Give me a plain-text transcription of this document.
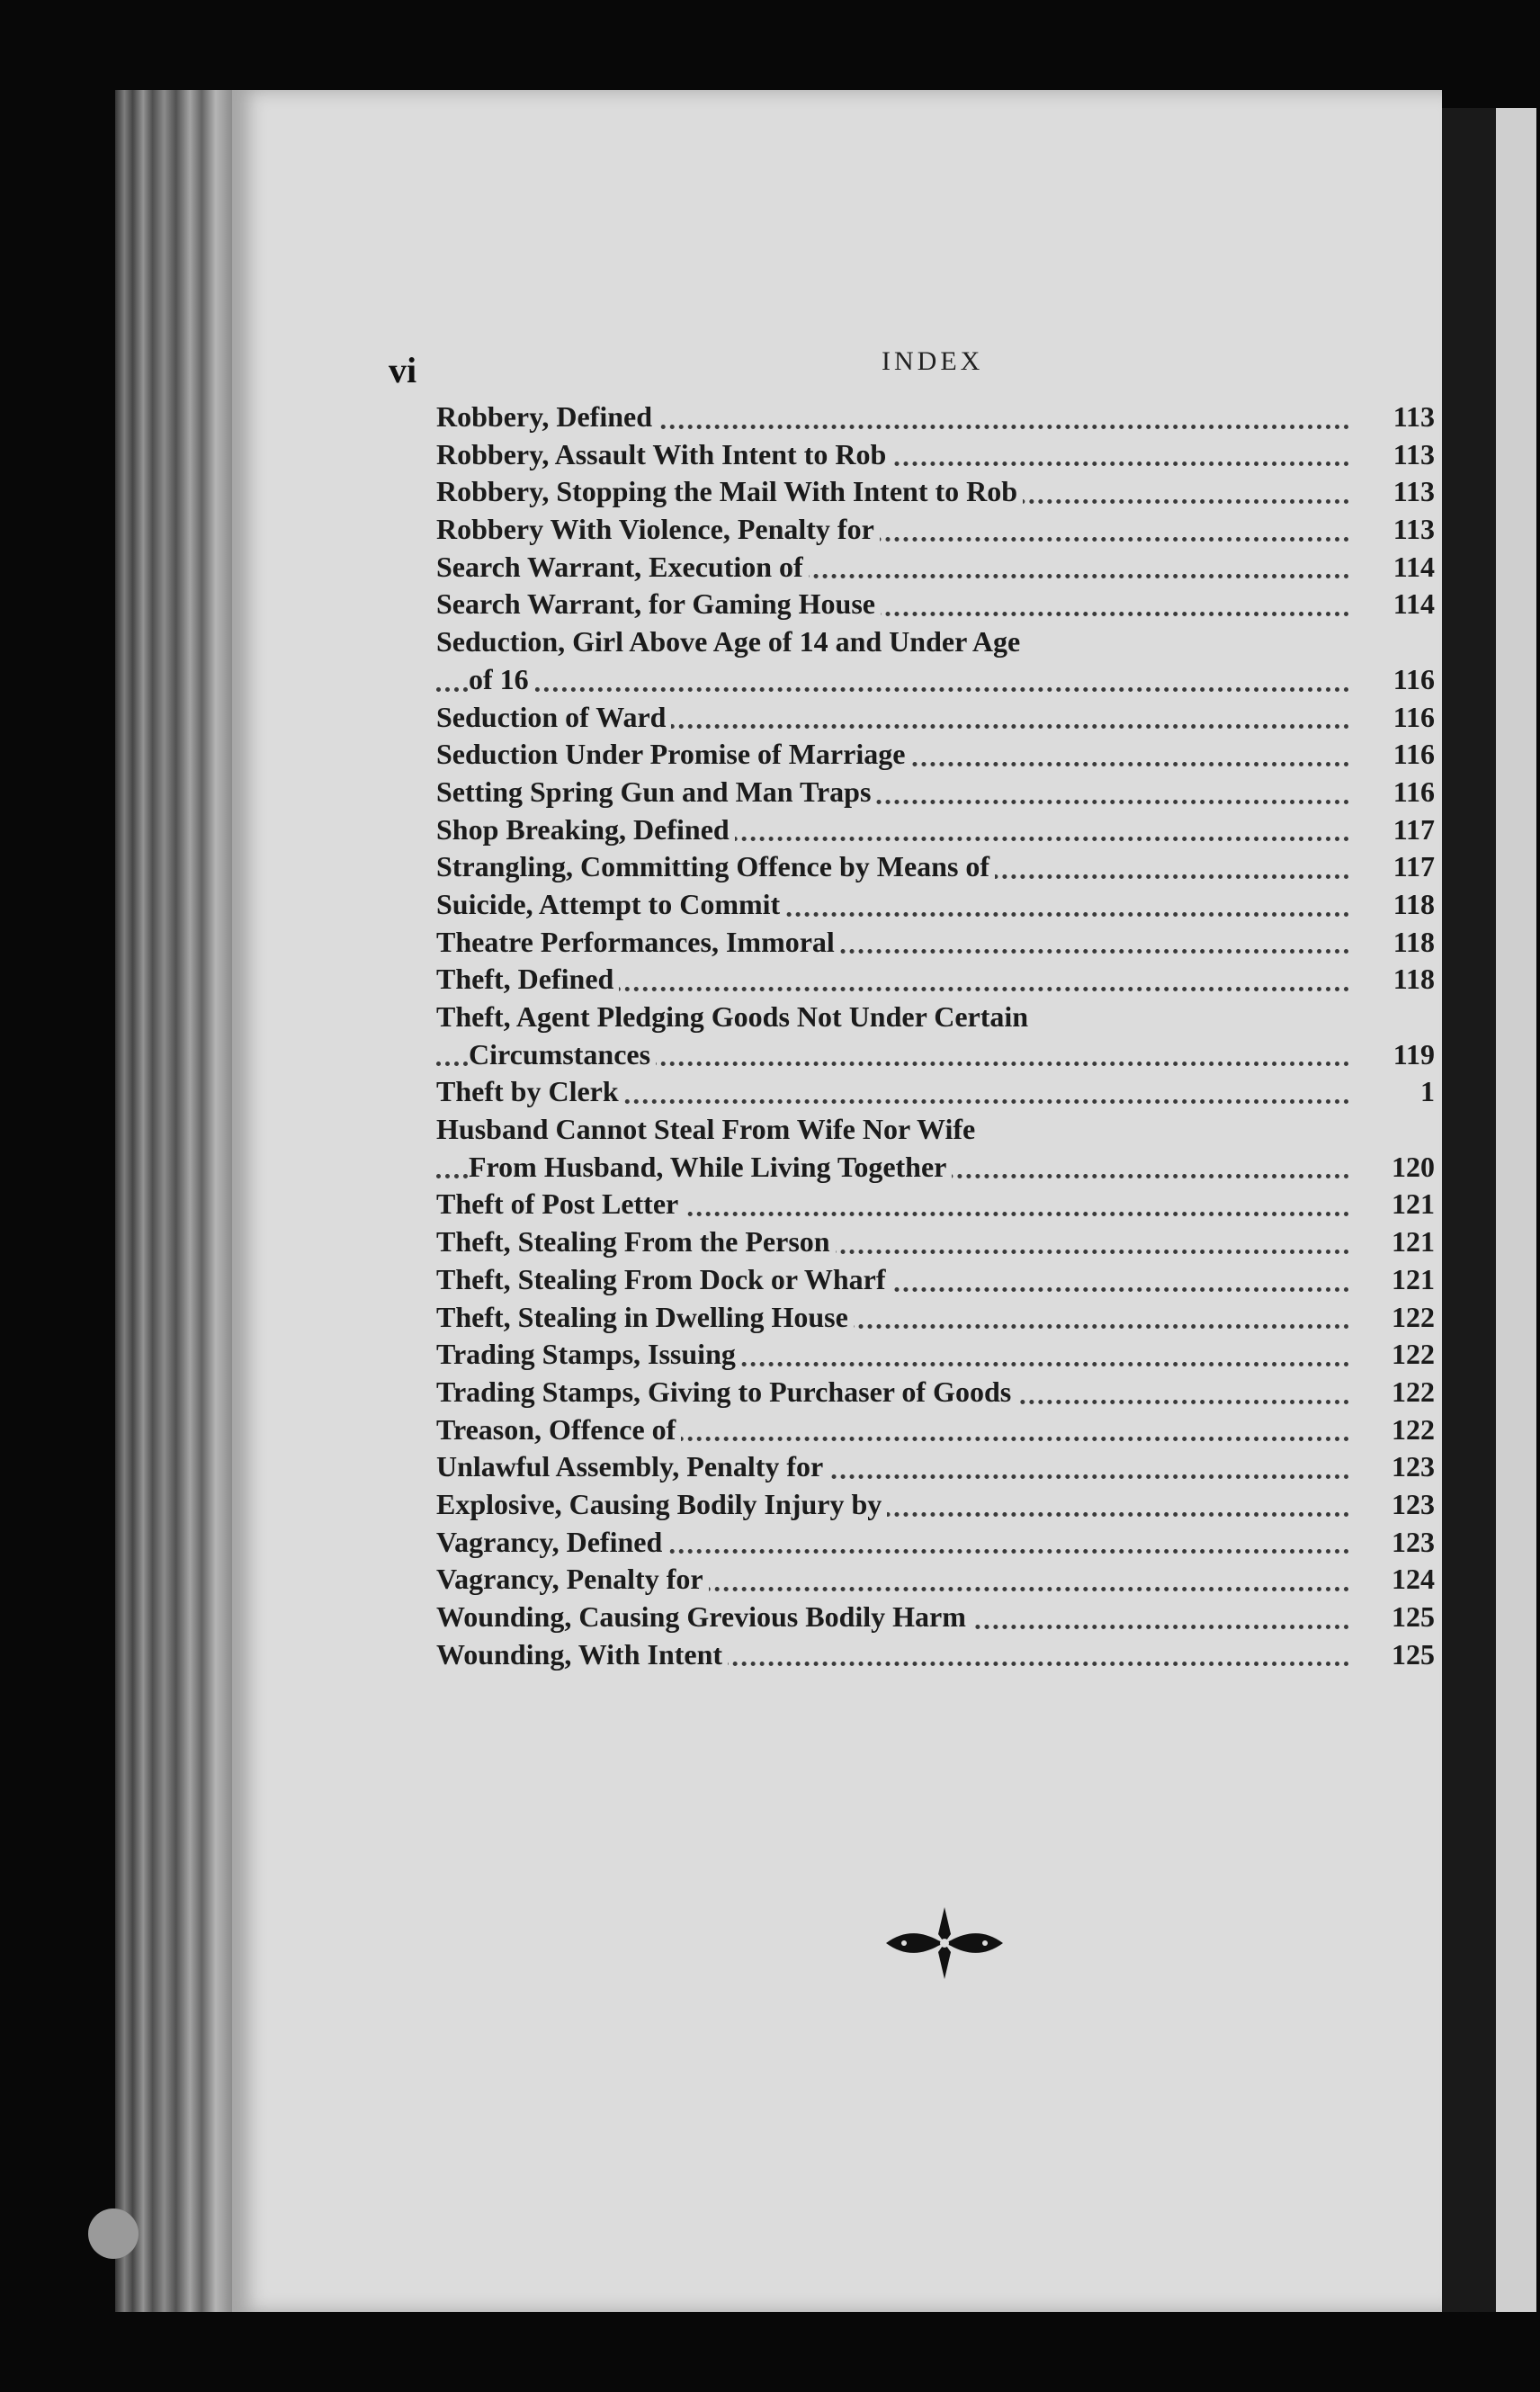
vi	INDEX
Robbery, Defined	113
Robbery, Assault With Intent to Rob	113
Robbery, Stopping the Mail With Intent to Rob	113
Robbery With Violence, Penalty for	113
Search Warrant, Execution of	114
Search Warrant, for Gaming House	114
Seduction, Girl Above Age of 14 and Under Age
of 16	116
Seduction of Ward	116
Seduction Under Promise of Marriage	116
Setting Spring Gun and Man Traps	116
Shop Breaking, Defined	117
Strangling, Committing Offence by Means of	117
Suicide, Attempt to Commit	118
Theatre Performances, Immoral	118
Theft, Defined	118
Theft, Agent Pledging Goods Not Under Certain
Circumstances	119
Theft by Clerk	1
Husband Cannot Steal From Wife Nor Wife
From Husband, While Living Together	120
Theft of Post Letter	121
Theft, Stealing From the Person	121
Theft, Stealing From Dock or Wharf	121
Theft, Stealing in Dwelling House	122
Trading Stamps, Issuing	122
Trading Stamps, Giving to Purchaser of Goods	122
Treason, Offence of	122
Unlawful Assembly, Penalty for	123
Explosive, Causing Bodily Injury by	123
Vagrancy, Defined	123
Vagrancy, Penalty for	124
Wounding, Causing Grevious Bodily Harm	125
Wounding, With Intent	125
